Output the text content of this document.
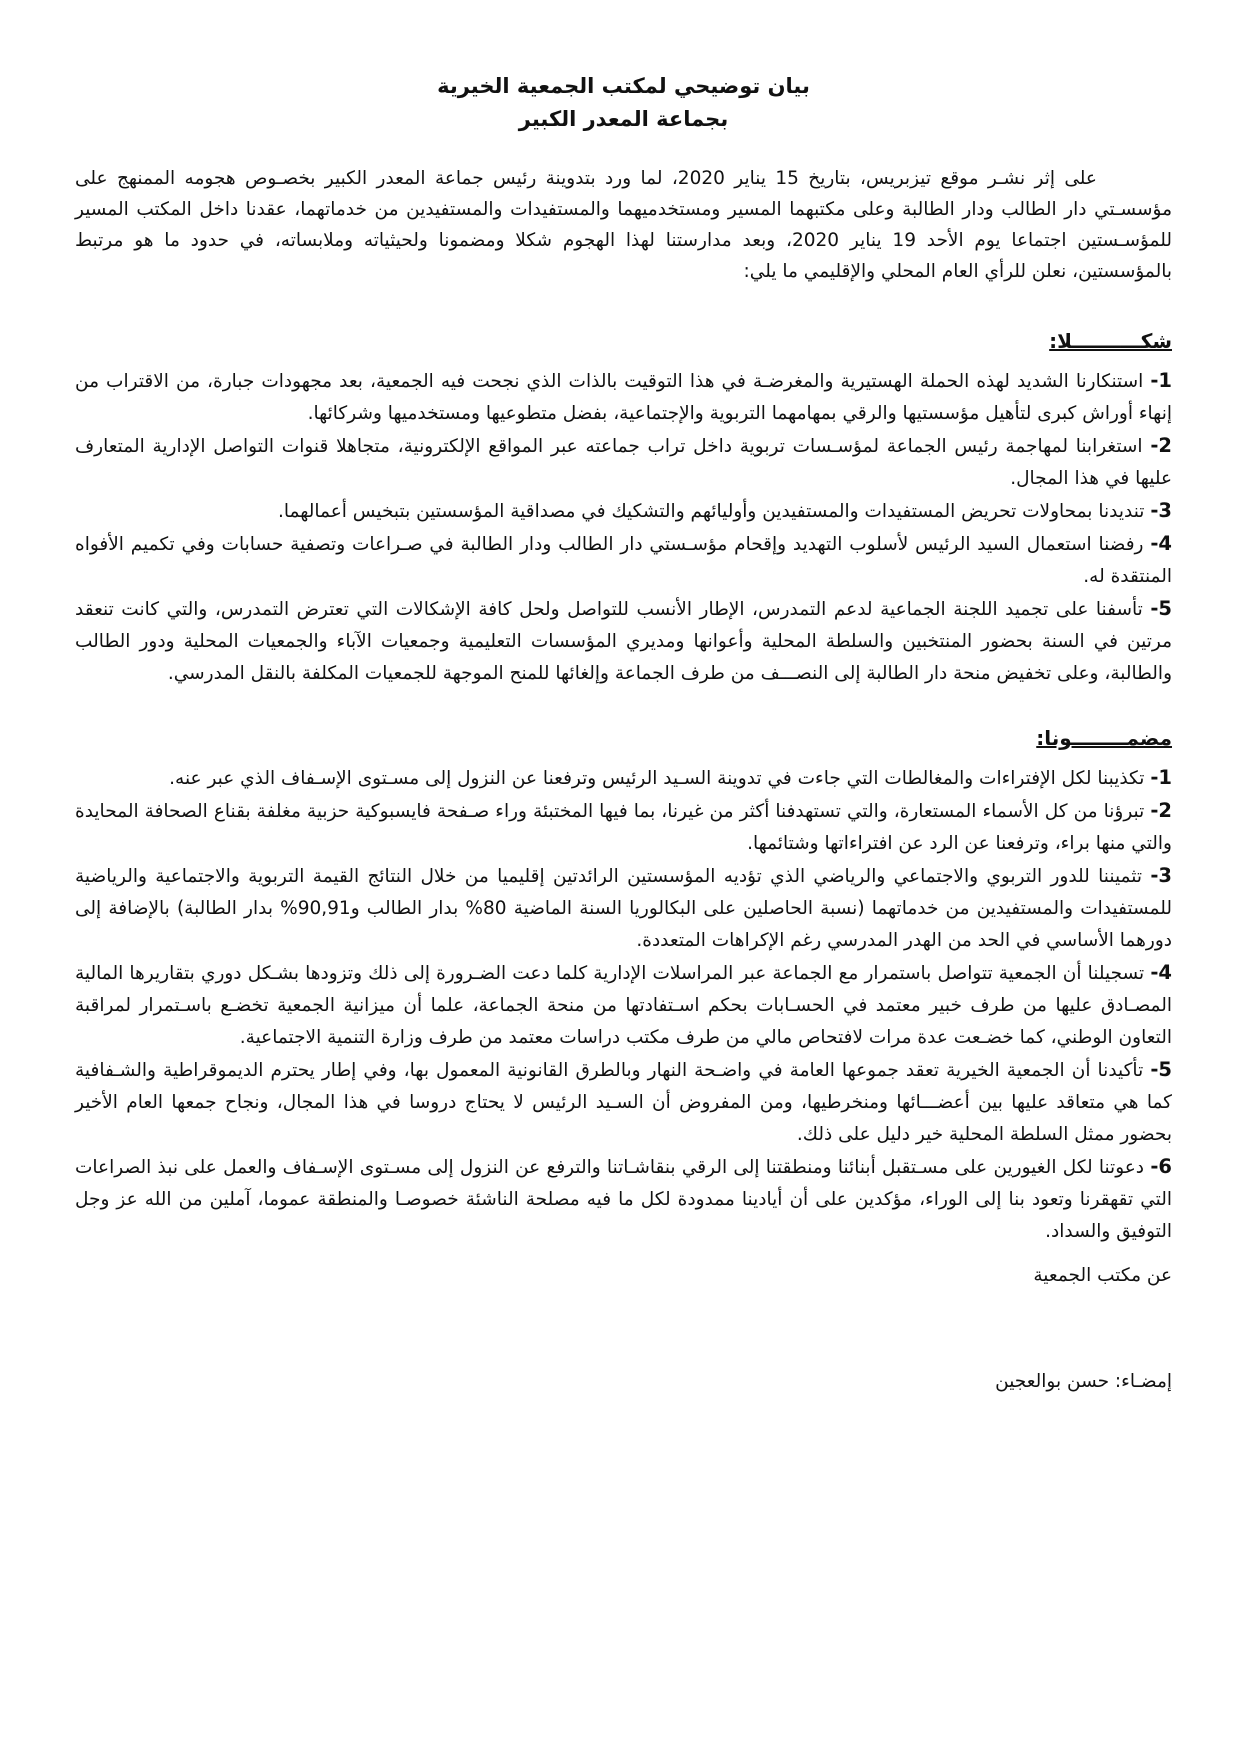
بيان توضيحي لمكتب الجمعية الخيرية
بجماعة المعدر الكبير

على إثر نشـر موقع تيزبريس، بتاريخ 15 يناير 2020، لما ورد بتدوينة رئيس جماعة المعدر الكبير بخصـوص هجومه الممنهج على مؤسسـتي دار الطالب ودار الطالبة وعلى مكتبهما المسير ومستخدميهما والمستفيدات والمستفيدين من خدماتهما، عقدنا داخل المكتب المسير للمؤسـستين اجتماعا يوم الأحد 19 يناير 2020، وبعد مدارستنا لهذا الهجوم شكلا ومضمونا ولحيثياته وملابساته، في حدود ما هو مرتبط بالمؤسستين، نعلن للرأي العام المحلي والإقليمي ما يلي:

شكــــــــــلا:

1- استنكارنا الشديد لهذه الحملة الهستيرية والمغرضـة في هذا التوقيت بالذات الذي نجحت فيه الجمعية، بعد مجهودات جبارة، من الاقتراب من إنهاء أوراش كبرى لتأهيل مؤسستيها والرقي بمهامهما التربوية والإجتماعية، بفضل متطوعيها ومستخدميها وشركائها.

2- استغرابنا لمهاجمة رئيس الجماعة لمؤسـسات تربوية داخل تراب جماعته عبر المواقع الإلكترونية، متجاهلا قنوات التواصل الإدارية المتعارف عليها في هذا المجال.

3- تنديدنا بمحاولات تحريض المستفيدات والمستفيدين وأوليائهم والتشكيك في مصداقية المؤسستين بتبخيس أعمالهما.

4- رفضنا استعمال السيد الرئيس لأسلوب التهديد وإقحام مؤسـستي دار الطالب ودار الطالبة في صـراعات وتصفية حسابات وفي تكميم الأفواه المنتقدة له.

5- تأسفنا على تجميد اللجنة الجماعية لدعم التمدرس، الإطار الأنسب للتواصل ولحل كافة الإشكالات التي تعترض التمدرس، والتي كانت تنعقد مرتين في السنة بحضور المنتخبين والسلطة المحلية وأعوانها ومديري المؤسسات التعليمية وجمعيات الآباء والجمعيات المحلية ودور الطالب والطالبة، وعلى تخفيض منحة دار الطالبة إلى النصـــف من طرف الجماعة وإلغائها للمنح الموجهة للجمعيات المكلفة بالنقل المدرسي.

مضمــــــــونا:

1- تكذيبنا لكل الإفتراءات والمغالطات التي جاءت في تدوينة السـيد الرئيس وترفعنا عن النزول إلى مسـتوى الإسـفاف الذي عبر عنه.

2- تبرؤنا من كل الأسماء المستعارة، والتي تستهدفنا أكثر من غيرنا، بما فيها المختبئة وراء صـفحة فايسبوكية حزبية مغلفة بقناع الصحافة المحايدة والتي منها براء، وترفعنا عن الرد عن افتراءاتها وشتائمها.

3- تثميننا للدور التربوي والاجتماعي والرياضي الذي تؤديه المؤسستين الرائدتين إقليميا من خلال النتائج القيمة التربوية والاجتماعية والرياضية للمستفيدات والمستفيدين من خدماتهما (نسبة الحاصلين على البكالوريا السنة الماضية 80% بدار الطالب و90,91% بدار الطالبة) بالإضافة إلى دورهما الأساسي في الحد من الهدر المدرسي رغم الإكراهات المتعددة.

4- تسجيلنا أن الجمعية تتواصل باستمرار مع الجماعة عبر المراسلات الإدارية كلما دعت الضـرورة إلى ذلك وتزودها بشـكل دوري بتقاريرها المالية المصـادق عليها من طرف خبير معتمد في الحسـابات بحكم اسـتفادتها من منحة الجماعة، علما أن ميزانية الجمعية تخضـع باسـتمرار لمراقبة التعاون الوطني، كما خضـعت عدة مرات لافتحاص مالي من طرف مكتب دراسات معتمد من طرف وزارة التنمية الاجتماعية.

5- تأكيدنا أن الجمعية الخيرية تعقد جموعها العامة في واضـحة النهار وبالطرق القانونية المعمول بها، وفي إطار يحترم الديموقراطية والشـفافية كما هي متعاقد عليها بين أعضـــائها ومنخرطيها، ومن المفروض أن السـيد الرئيس لا يحتاج دروسا في هذا المجال، ونجاح جمعها العام الأخير بحضور ممثل السلطة المحلية خير دليل على ذلك.

6- دعوتنا لكل الغيورين على مسـتقبل أبنائنا ومنطقتنا إلى الرقي بنقاشـاتنا والترفع عن النزول إلى مسـتوى الإسـفاف والعمل على نبذ الصراعات التي تقهقرنا وتعود بنا إلى الوراء، مؤكدين على أن أيادينا ممدودة لكل ما فيه مصلحة الناشئة خصوصـا والمنطقة عموما، آملين من الله عز وجل التوفيق والسداد.

عن مكتب الجمعية
إمضـاء: حسن بوالعجين
